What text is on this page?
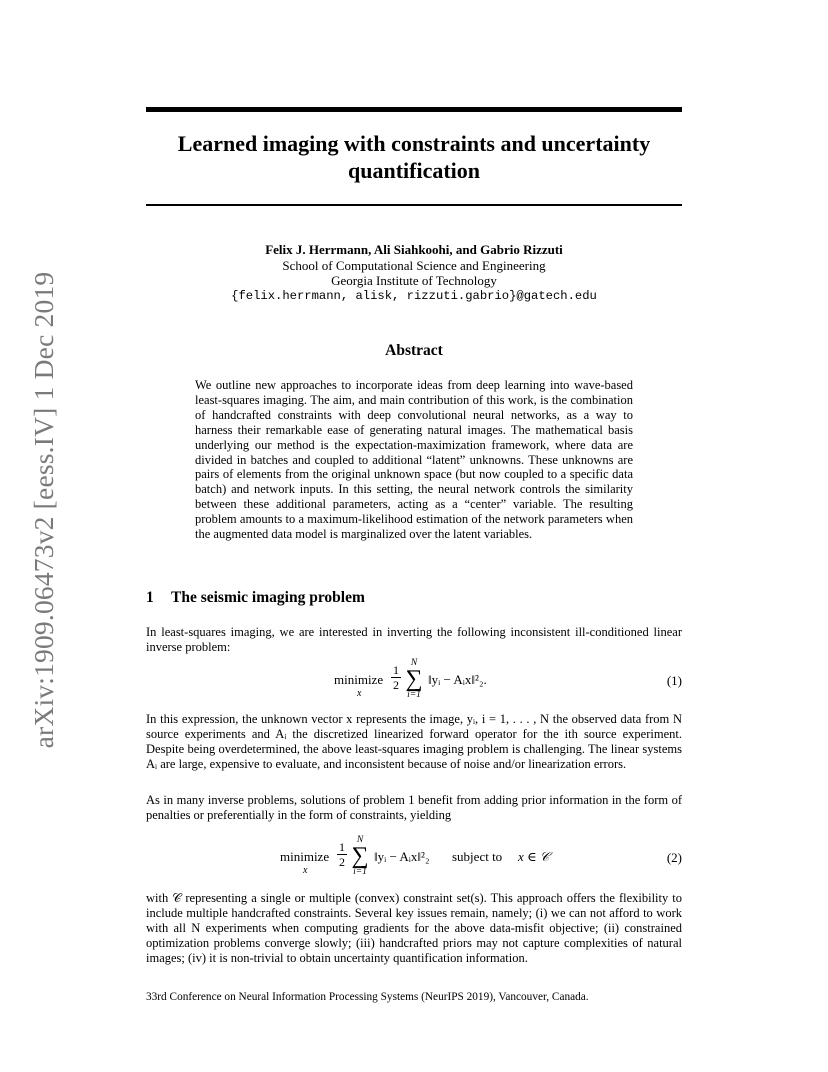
arXiv:1909.06473v2 [eess.IV] 1 Dec 2019
Learned imaging with constraints and uncertainty quantification
Felix J. Herrmann, Ali Siahkoohi, and Gabrio Rizzuti
School of Computational Science and Engineering
Georgia Institute of Technology
{felix.herrmann, alisk, rizzuti.gabrio}@gatech.edu
Abstract
We outline new approaches to incorporate ideas from deep learning into wave-based least-squares imaging. The aim, and main contribution of this work, is the combination of handcrafted constraints with deep convolutional neural networks, as a way to harness their remarkable ease of generating natural images. The mathematical basis underlying our method is the expectation-maximization framework, where data are divided in batches and coupled to additional “latent” unknowns. These unknowns are pairs of elements from the original unknown space (but now coupled to a specific data batch) and network inputs. In this setting, the neural network controls the similarity between these additional parameters, acting as a “center” variable. The resulting problem amounts to a maximum-likelihood estimation of the network parameters when the augmented data model is marginalized over the latent variables.
1 The seismic imaging problem
In least-squares imaging, we are interested in inverting the following inconsistent ill-conditioned linear inverse problem:
minimize
x
1
2
N
∑
i=1
‖yᵢ − Aᵢx‖²₂.	(1)
In this expression, the unknown vector x represents the image, yᵢ, i = 1, . . . , N the observed data from N source experiments and Aᵢ the discretized linearized forward operator for the ith source experiment. Despite being overdetermined, the above least-squares imaging problem is challenging. The linear systems Aᵢ are large, expensive to evaluate, and inconsistent because of noise and/or linearization errors.
As in many inverse problems, solutions of problem 1 benefit from adding prior information in the form of penalties or preferentially in the form of constraints, yielding
minimize
x
1
2
N
∑
i=1
‖yᵢ − Aᵢx‖²₂ subject to x ∈ 𝒞	(2)
with 𝒞 representing a single or multiple (convex) constraint set(s). This approach offers the flexibility to include multiple handcrafted constraints. Several key issues remain, namely; (i) we can not afford to work with all N experiments when computing gradients for the above data-misfit objective; (ii) constrained optimization problems converge slowly; (iii) handcrafted priors may not capture complexities of natural images; (iv) it is non-trivial to obtain uncertainty quantification information.
33rd Conference on Neural Information Processing Systems (NeurIPS 2019), Vancouver, Canada.
